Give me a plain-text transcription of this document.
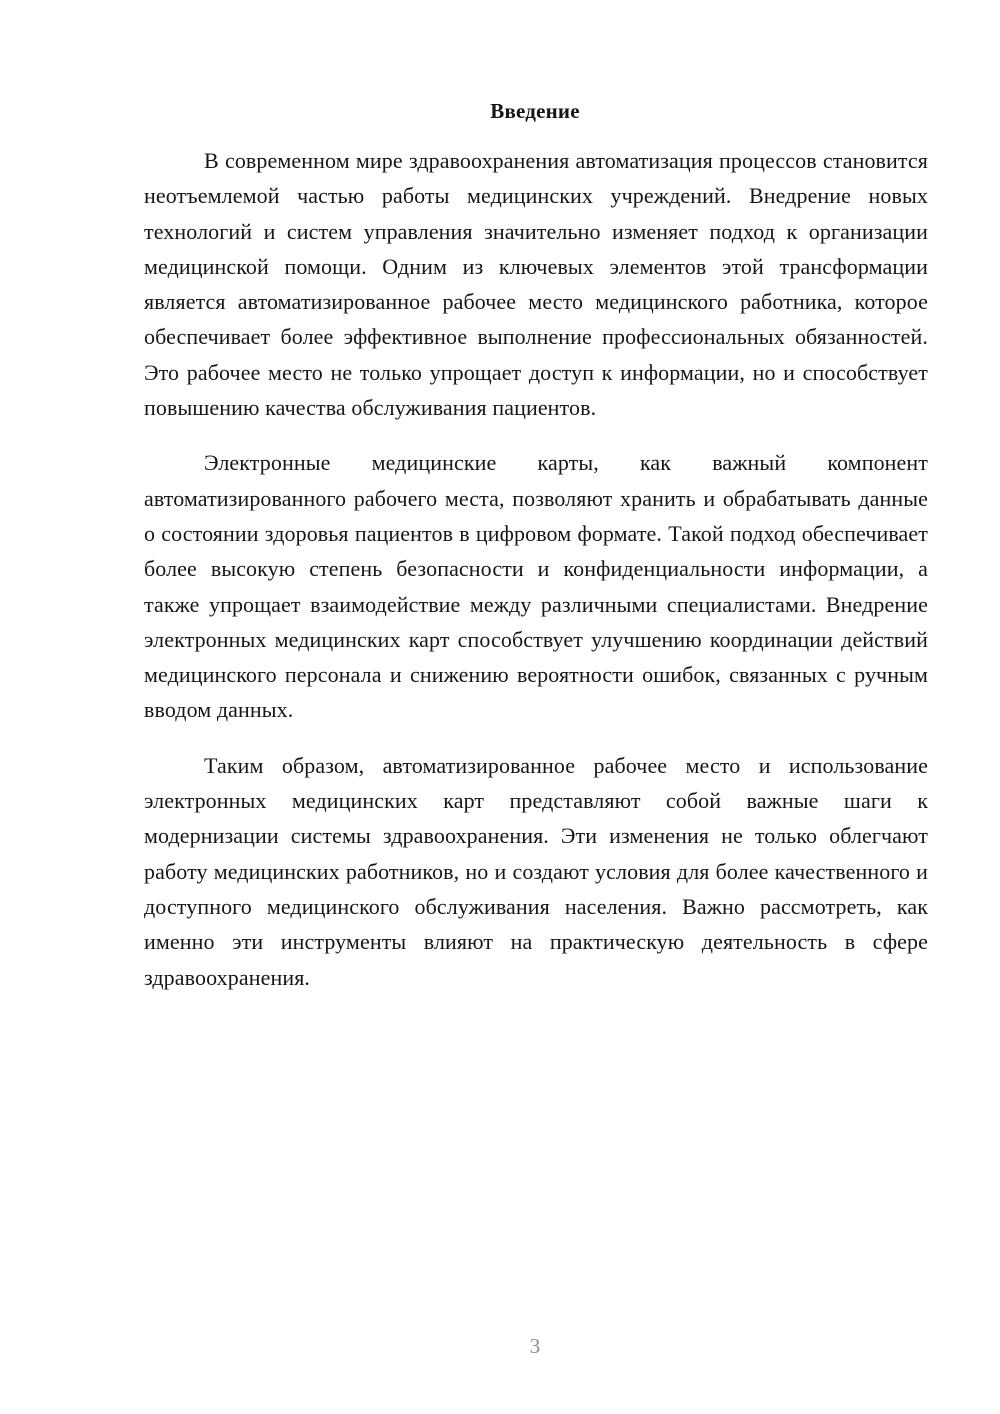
Введение

В современном мире здравоохранения автоматизация процессов становится неотъемлемой частью работы медицинских учреждений. Внедрение новых технологий и систем управления значительно изменяет подход к организации медицинской помощи. Одним из ключевых элементов этой трансформации является автоматизированное рабочее место медицинского работника, которое обеспечивает более эффективное выполнение профессиональных обязанностей. Это рабочее место не только упрощает доступ к информации, но и способствует повышению качества обслуживания пациентов.

Электронные медицинские карты, как важный компонент автоматизированного рабочего места, позволяют хранить и обрабатывать данные о состоянии здоровья пациентов в цифровом формате. Такой подход обеспечивает более высокую степень безопасности и конфиденциальности информации, а также упрощает взаимодействие между различными специалистами. Внедрение электронных медицинских карт способствует улучшению координации действий медицинского персонала и снижению вероятности ошибок, связанных с ручным вводом данных.

Таким образом, автоматизированное рабочее место и использование электронных медицинских карт представляют собой важные шаги к модернизации системы здравоохранения. Эти изменения не только облегчают работу медицинских работников, но и создают условия для более качественного и доступного медицинского обслуживания населения. Важно рассмотреть, как именно эти инструменты влияют на практическую деятельность в сфере здравоохранения.

3
